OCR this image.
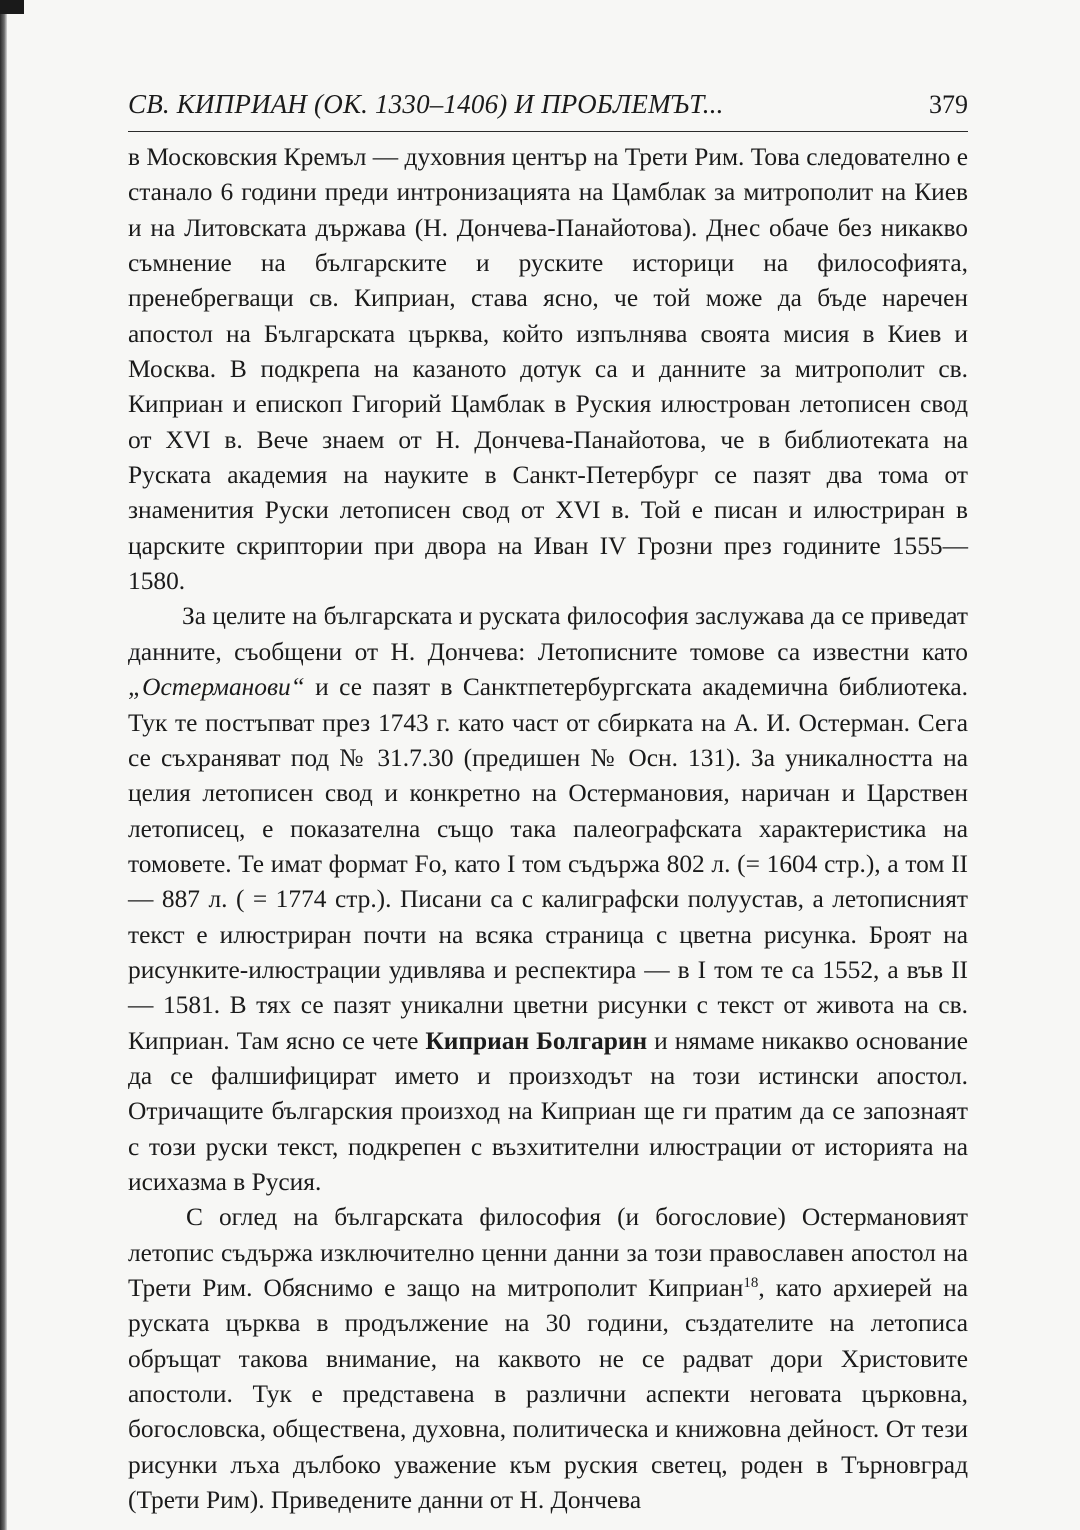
СВ. КИПРИАН (ОК. 1330–1406) И ПРОБЛЕМЪТ...	379

в Московския Кремъл — духовния център на Трети Рим. Това следователно е станало 6 години преди интронизацията на Цамблак за митрополит на Киев и на Литовската държава (Н. Дончева-Панайотова). Днес обаче без никакво съмнение на българските и руските историци на философията, пренебрегващи св. Киприан, става ясно, че той може да бъде наречен апостол на Българската църква, който изпълнява своята мисия в Киев и Москва. В подкрепа на казаното дотук са и данните за митрополит св. Киприан и епископ Гигорий Цамблак в Руския илюстрован летописен свод от XVI в. Вече знаем от Н. Дончева-Панайотова, че в библиотеката на Руската академия на науките в Санкт-Петербург се пазят два тома от знаменития Руски летописен свод от XVI в. Той е писан и илюстриран в царските скриптории при двора на Иван IV Грозни през годините 1555—1580.

За целите на българската и руската философия заслужава да се приведат данните, съобщени от Н. Дончева: Летописните томове са известни като „Остерманови“ и се пазят в Санктпетербургската академична библиотека. Тук те постъпват през 1743 г. като част от сбирката на А. И. Остерман. Сега се съхраняват под № 31.7.30 (предишен № Осн. 131). За уникалността на целия летописен свод и конкретно на Остермановия, наричан и Царствен летописец, е показателна също така палеографската характеристика на томовете. Те имат формат Fo, като I том съдържа 802 л. (= 1604 стр.), а том II — 887 л. ( = 1774 стр.). Писани са с калиграфски полуустав, а летописният текст е илюстриран почти на всяка страница с цветна рисунка. Броят на рисунките-илюстрации удивлява и респектира — в I том те са 1552, а във II — 1581. В тях се пазят уникални цветни рисунки с текст от живота на св. Киприан. Там ясно се чете Киприан Болгарин и нямаме никакво основание да се фалшифицират името и произходът на този истински апостол. Отричащите българския произход на Киприан ще ги пратим да се запознаят с този руски текст, подкрепен с възхитителни илюстрации от историята на исихазма в Русия.

С оглед на българската философия (и богословие) Остермановият летопис съдържа изключително ценни данни за този православен апостол на Трети Рим. Обяснимо е защо на митрополит Киприан$^{18}$, като архиерей на руската църква в продължение на 30 години, създателите на летописа обръщат такова внимание, на каквото не се радват дори Христовите апостоли. Тук е представена в различни аспекти неговата църковна, богословска, обществена, духовна, политическа и книжовна дейност. От тези рисунки лъха дълбоко уважение към руския светец, роден в Търновград (Трети Рим). Приведените данни от Н. Дончева
